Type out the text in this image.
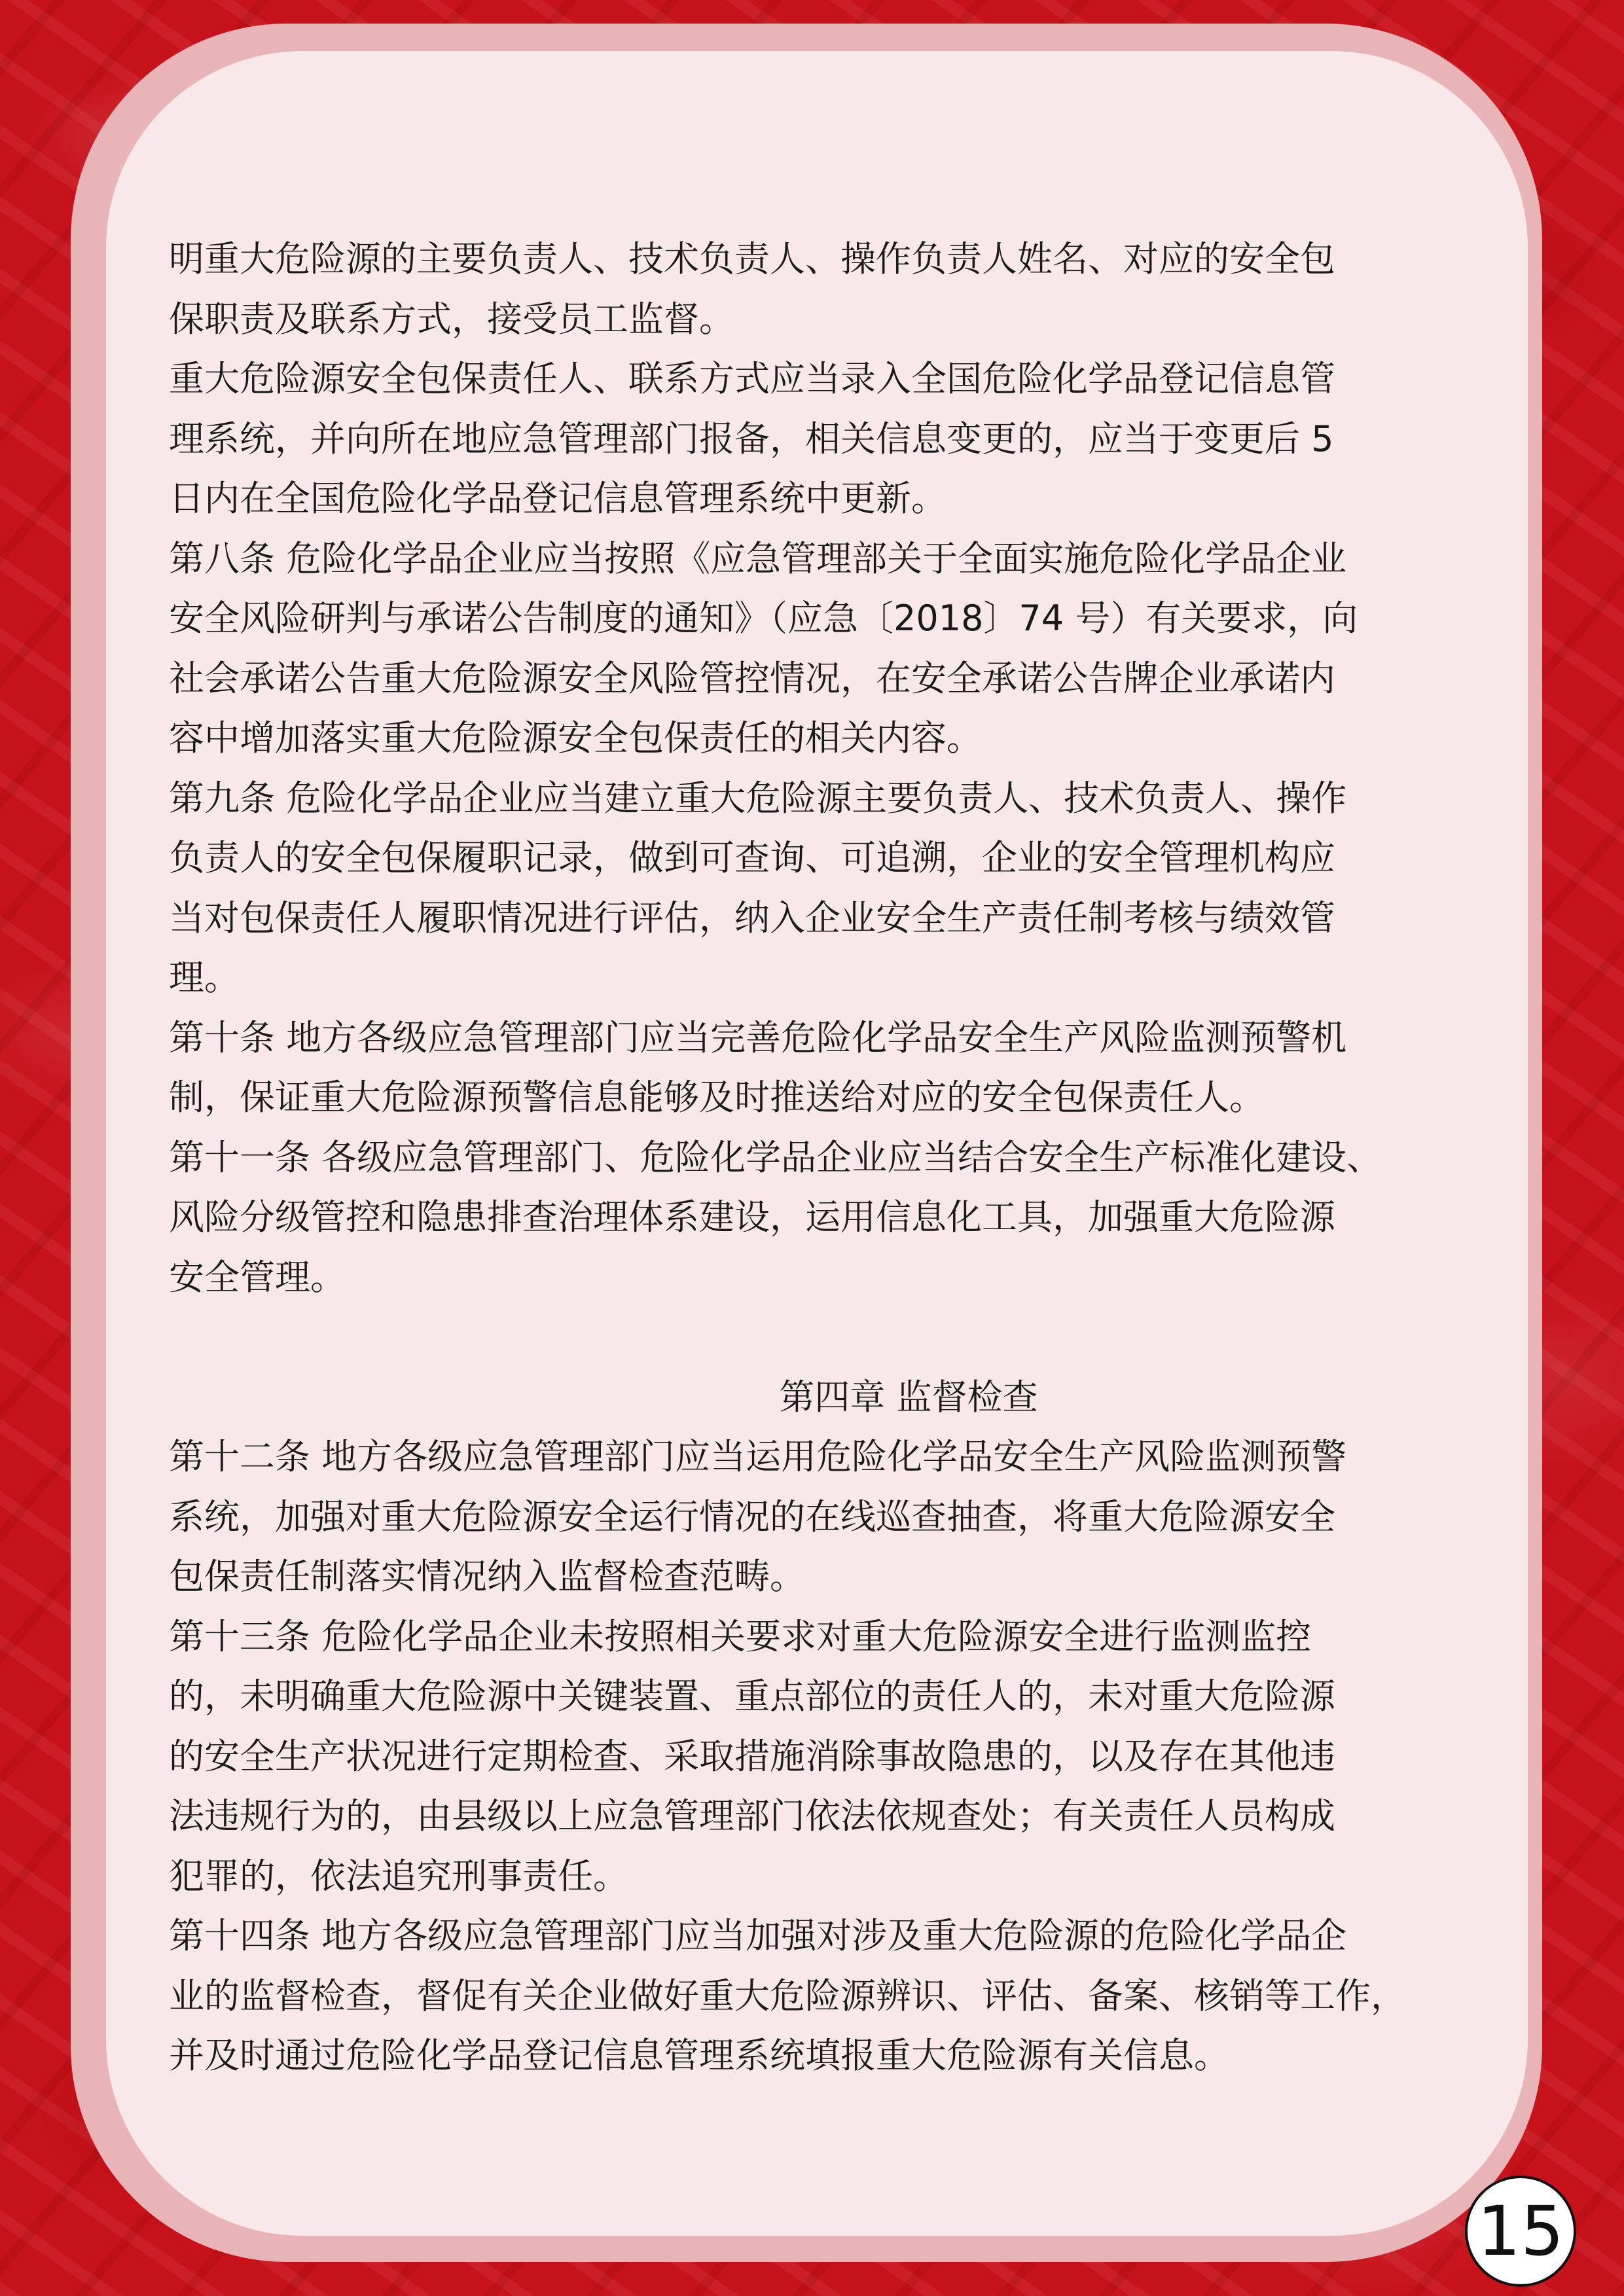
明重大危险源的主要负责人、技术负责人、操作负责人姓名、对应的安全包

保职责及联系方式，接受员工监督。

重大危险源安全包保责任人、联系方式应当录入全国危险化学品登记信息管

理系统，并向所在地应急管理部门报备，相关信息变更的，应当于变更后 5

日内在全国危险化学品登记信息管理系统中更新。

第八条 危险化学品企业应当按照《应急管理部关于全面实施危险化学品企业

安全风险研判与承诺公告制度的通知》（应急〔2018〕74 号）有关要求，向

社会承诺公告重大危险源安全风险管控情况，在安全承诺公告牌企业承诺内

容中增加落实重大危险源安全包保责任的相关内容。

第九条 危险化学品企业应当建立重大危险源主要负责人、技术负责人、操作

负责人的安全包保履职记录，做到可查询、可追溯，企业的安全管理机构应

当对包保责任人履职情况进行评估，纳入企业安全生产责任制考核与绩效管

理。

第十条 地方各级应急管理部门应当完善危险化学品安全生产风险监测预警机

制，保证重大危险源预警信息能够及时推送给对应的安全包保责任人。

第十一条 各级应急管理部门、危险化学品企业应当结合安全生产标准化建设、

风险分级管控和隐患排查治理体系建设，运用信息化工具，加强重大危险源

安全管理。

第四章 监督检查

第十二条 地方各级应急管理部门应当运用危险化学品安全生产风险监测预警

系统，加强对重大危险源安全运行情况的在线巡查抽查，将重大危险源安全

包保责任制落实情况纳入监督检查范畴。

第十三条 危险化学品企业未按照相关要求对重大危险源安全进行监测监控

的，未明确重大危险源中关键装置、重点部位的责任人的，未对重大危险源

的安全生产状况进行定期检查、采取措施消除事故隐患的，以及存在其他违

法违规行为的，由县级以上应急管理部门依法依规查处；有关责任人员构成

犯罪的，依法追究刑事责任。

第十四条 地方各级应急管理部门应当加强对涉及重大危险源的危险化学品企

业的监督检查，督促有关企业做好重大危险源辨识、评估、备案、核销等工作，

并及时通过危险化学品登记信息管理系统填报重大危险源有关信息。

15
